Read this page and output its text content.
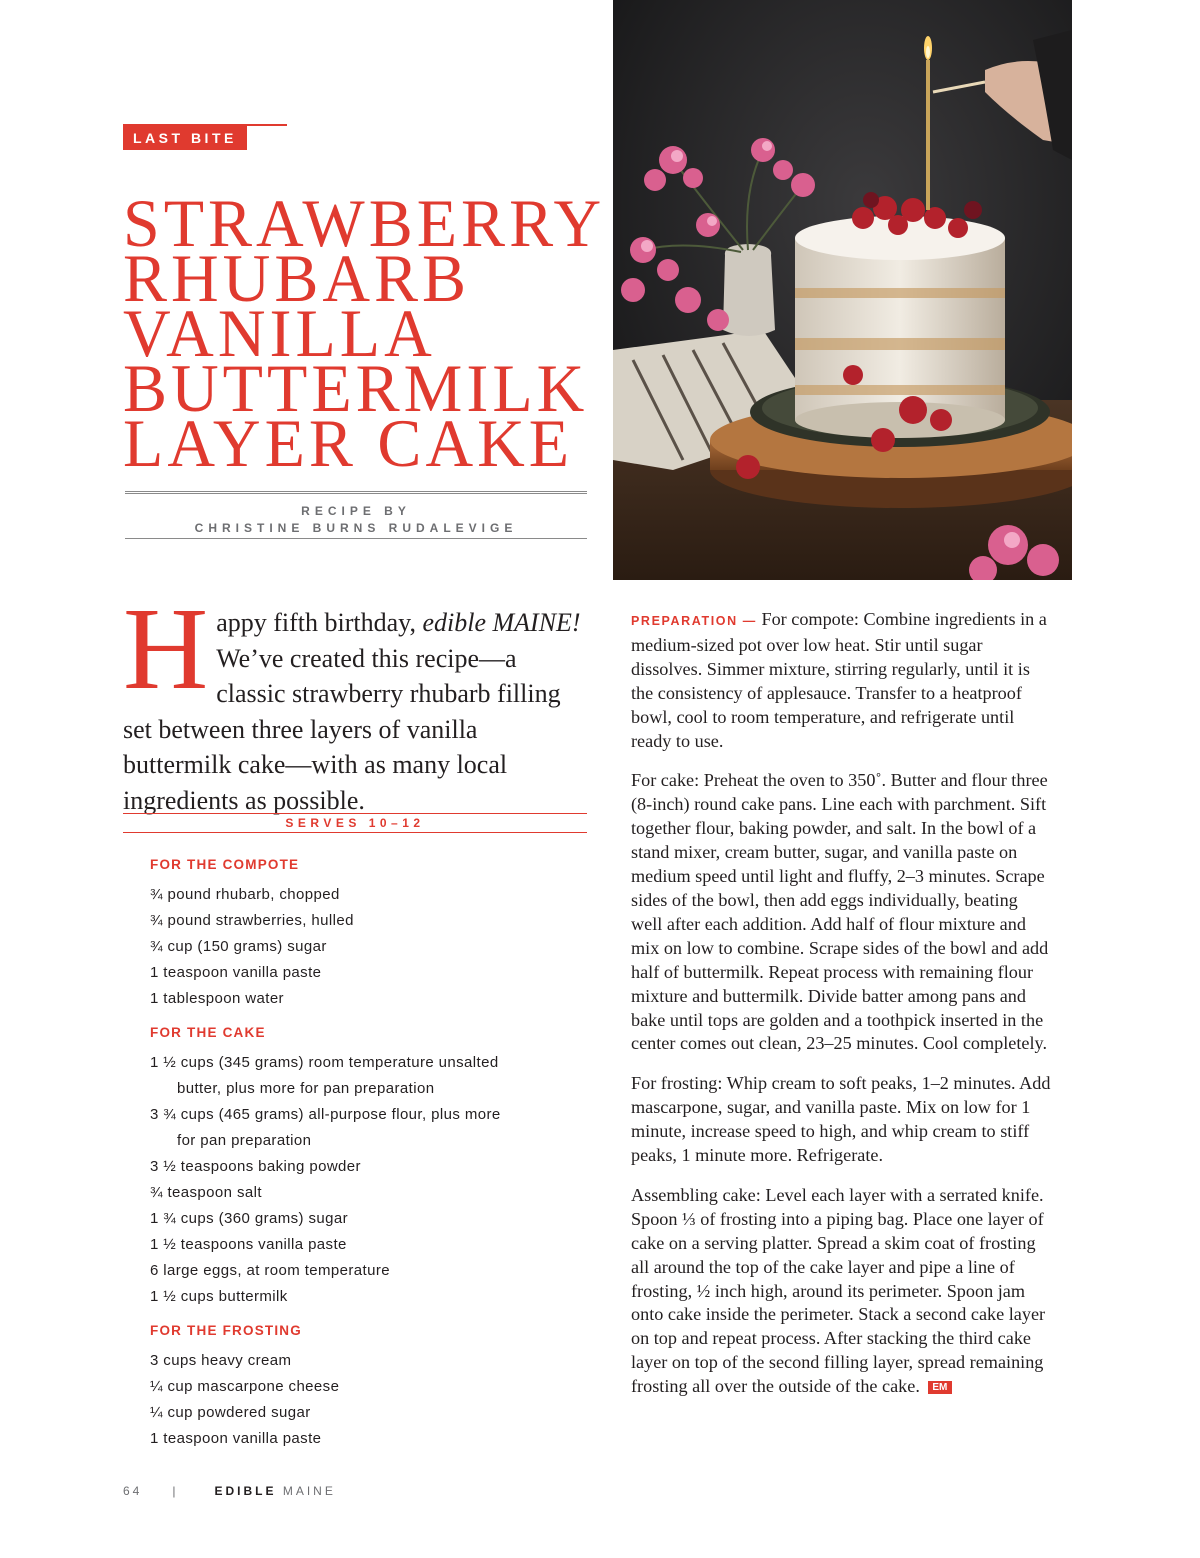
LAST BITE
STRAWBERRY
RHUBARB
VANILLA
BUTTERMILK
LAYER CAKE
RECIPE BY
CHRISTINE BURNS RUDALEVIGE
Happy fifth birthday, edible MAINE! We’ve created this recipe—a classic strawberry rhubarb filling set between three layers of vanilla buttermilk cake—with as many local ingredients as possible.
SERVES 10–12
FOR THE COMPOTE
¾ pound rhubarb, chopped
¾ pound strawberries, hulled
¾ cup (150 grams) sugar
1 teaspoon vanilla paste
1 tablespoon water
FOR THE CAKE
1 ½ cups (345 grams) room temperature unsalted
butter, plus more for pan preparation
3 ¾ cups (465 grams) all-purpose flour, plus more
for pan preparation
3 ½ teaspoons baking powder
¾ teaspoon salt
1 ¾ cups (360 grams) sugar
1 ½ teaspoons vanilla paste
6 large eggs, at room temperature
1 ½ cups buttermilk
FOR THE FROSTING
3 cups heavy cream
¼ cup mascarpone cheese
¼ cup powdered sugar
1 teaspoon vanilla paste

PREPARATION — For compote: Combine ingredients in a medium-sized pot over low heat. Stir until sugar dissolves. Simmer mixture, stirring regularly, until it is the consistency of applesauce. Transfer to a heatproof bowl, cool to room temperature, and refrigerate until ready to use.

For cake: Preheat the oven to 350˚. Butter and flour three (8-inch) round cake pans. Line each with parchment. Sift together flour, baking powder, and salt. In the bowl of a stand mixer, cream butter, sugar, and vanilla paste on medium speed until light and fluffy, 2–3 minutes. Scrape sides of the bowl, then add eggs individually, beating well after each addition. Add half of flour mixture and mix on low to combine. Scrape sides of the bowl and add half of buttermilk. Repeat process with remaining flour mixture and buttermilk. Divide batter among pans and bake until tops are golden and a toothpick inserted in the center comes out clean, 23–25 minutes. Cool completely.

For frosting: Whip cream to soft peaks, 1–2 minutes. Add mascarpone, sugar, and vanilla paste. Mix on low for 1 minute, increase speed to high, and whip cream to stiff peaks, 1 minute more. Refrigerate.

Assembling cake: Level each layer with a serrated knife. Spoon ⅓ of frosting into a piping bag. Place one layer of cake on a serving platter. Spread a skim coat of frosting all around the top of the cake layer and pipe a line of frosting, ½ inch high, around its perimeter. Spoon jam onto cake inside the perimeter. Stack a second cake layer on top and repeat process. After stacking the third cake layer on top of the second filling layer, spread remaining frosting all over the outside of the cake. EM

64	|	EDIBLE MAINE
